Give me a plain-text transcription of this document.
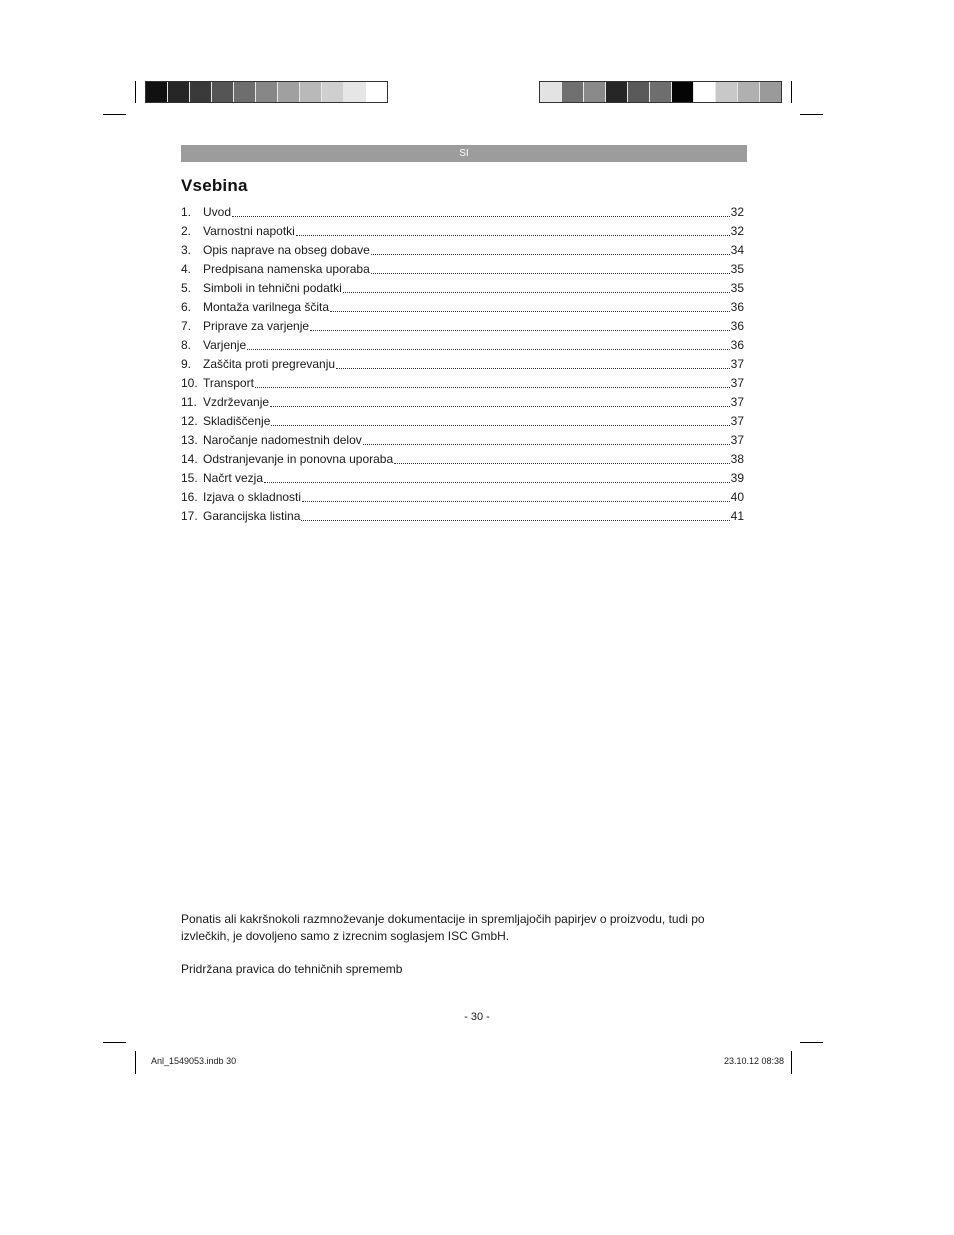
SI
Vsebina
1. Uvod	32
2. Varnostni napotki	32
3. Opis naprave na obseg dobave	34
4. Predpisana namenska uporaba	35
5. Simboli in tehnični podatki	35
6. Montaža varilnega ščita	36
7. Priprave za varjenje	36
8. Varjenje	36
9. Zaščita proti pregrevanju	37
10. Transport	37
11. Vzdrževanje	37
12. Skladiščenje	37
13. Naročanje nadomestnih delov	37
14. Odstranjevanje in ponovna uporaba	38
15. Načrt vezja	39
16. Izjava o skladnosti	40
17. Garancijska listina	41

Ponatis ali kakršnokoli razmnoževanje dokumentacije in spremljajočih papirjev o proizvodu, tudi po izvlečkih, je dovoljeno samo z izrecnim soglasjem ISC GmbH.

Pridržana pravica do tehničnih sprememb

- 30 -
Anl_1549053.indb 30	23.10.12 08:38
